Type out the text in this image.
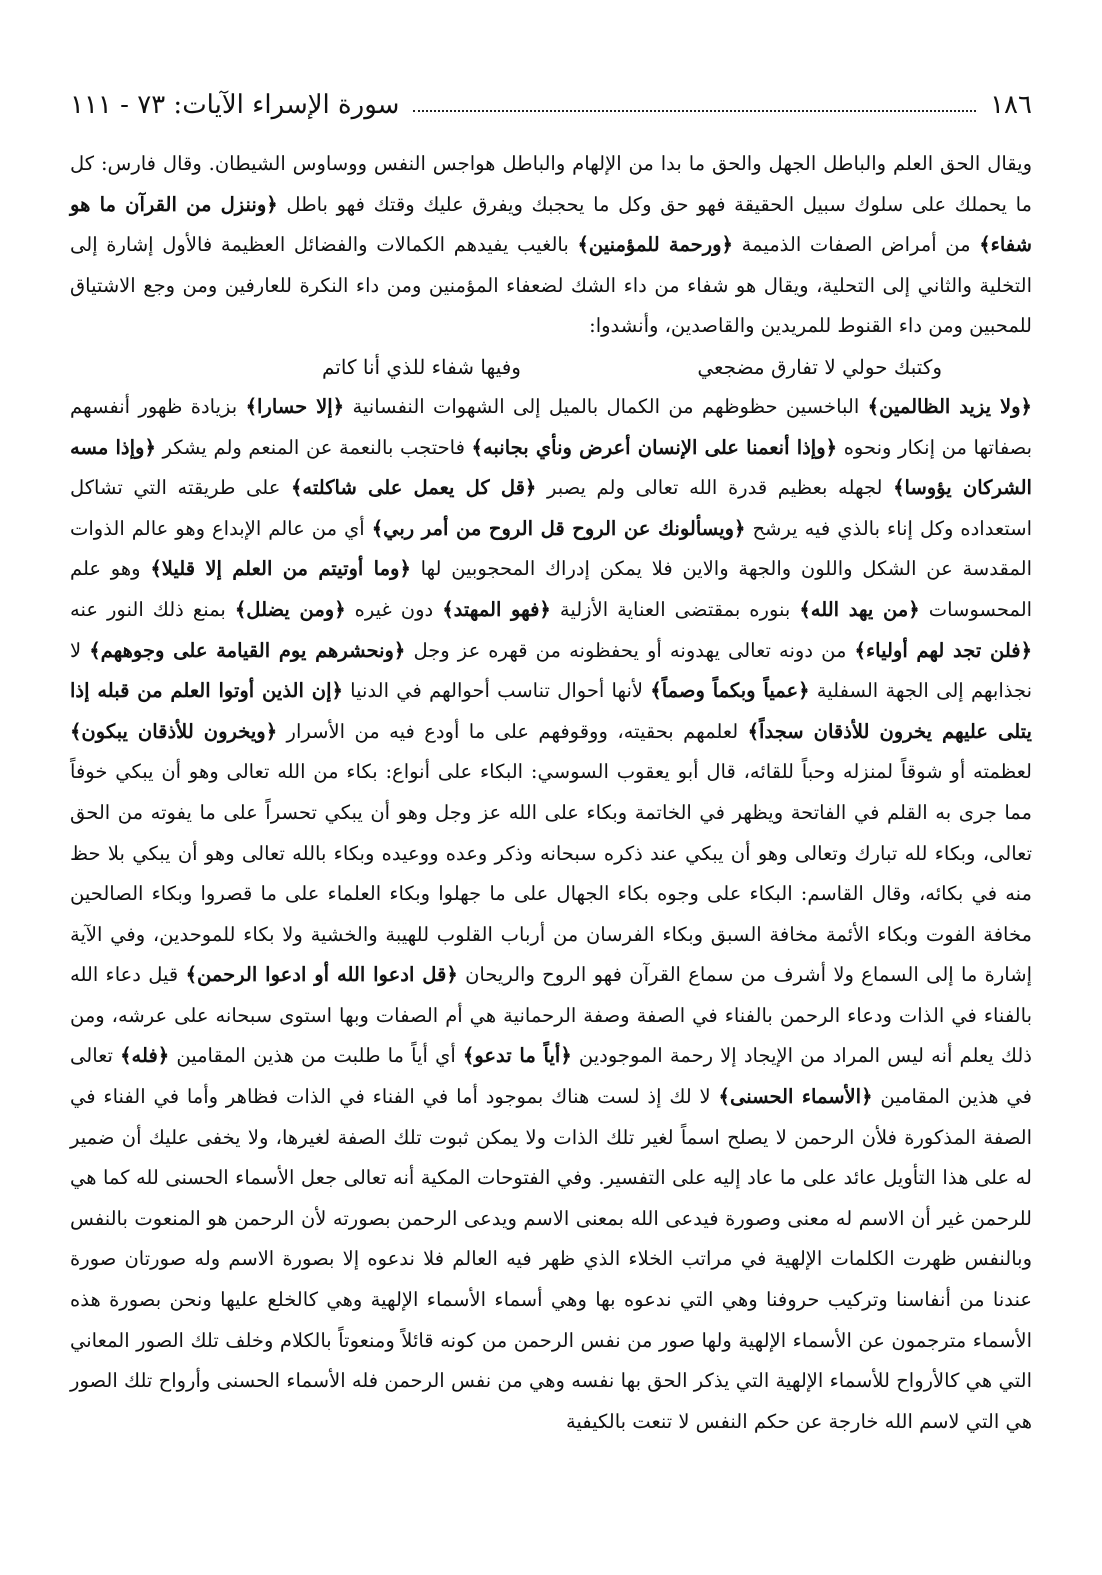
١٨٦
سورة الإسراء الآيات: ٧٣ - ١١١

ويقال الحق العلم والباطل الجهل والحق ما بدا من الإلهام والباطل هواجس النفس ووساوس الشيطان. وقال فارس: كل ما يحملك على سلوك سبيل الحقيقة فهو حق وكل ما يحجبك ويفرق عليك وقتك فهو باطل ﴿وننزل من القرآن ما هو شفاء﴾ من أمراض الصفات الذميمة ﴿ورحمة للمؤمنين﴾ بالغيب يفيدهم الكمالات والفضائل العظيمة فالأول إشارة إلى التخلية والثاني إلى التحلية، ويقال هو شفاء من داء الشك لضعفاء المؤمنين ومن داء النكرة للعارفين ومن وجع الاشتياق للمحبين ومن داء القنوط للمريدين والقاصدين، وأنشدوا:

وكتبك حولي لا تفارق مضجعي
وفيها شفاء للذي أنا كاتم

﴿ولا يزيد الظالمين﴾ الباخسين حظوظهم من الكمال بالميل إلى الشهوات النفسانية ﴿إلا حسارا﴾ بزيادة ظهور أنفسهم بصفاتها من إنكار ونحوه ﴿وإذا أنعمنا على الإنسان أعرض ونأي بجانبه﴾ فاحتجب بالنعمة عن المنعم ولم يشكر ﴿وإذا مسه الشركان يؤوسا﴾ لجهله بعظيم قدرة الله تعالى ولم يصبر ﴿قل كل يعمل على شاكلته﴾ على طريقته التي تشاكل استعداده وكل إناء بالذي فيه يرشح ﴿ويسألونك عن الروح قل الروح من أمر ربي﴾ أي من عالم الإبداع وهو عالم الذوات المقدسة عن الشكل واللون والجهة والاين فلا يمكن إدراك المحجوبين لها ﴿وما أوتيتم من العلم إلا قليلا﴾ وهو علم المحسوسات ﴿من يهد الله﴾ بنوره بمقتضى العناية الأزلية ﴿فهو المهتد﴾ دون غيره ﴿ومن يضلل﴾ بمنع ذلك النور عنه ﴿فلن تجد لهم أولياء﴾ من دونه تعالى يهدونه أو يحفظونه من قهره عز وجل ﴿ونحشرهم يوم القيامة على وجوههم﴾ لا نجذابهم إلى الجهة السفلية ﴿عمياً وبكماً وصماً﴾ لأنها أحوال تناسب أحوالهم في الدنيا ﴿إن الذين أوتوا العلم من قبله إذا يتلى عليهم يخرون للأذقان سجداً﴾ لعلمهم بحقيته، ووقوفهم على ما أودع فيه من الأسرار ﴿ويخرون للأذقان يبكون﴾ لعظمته أو شوقاً لمنزله وحباً للقائه، قال أبو يعقوب السوسي: البكاء على أنواع: بكاء من الله تعالى وهو أن يبكي خوفاً مما جرى به القلم في الفاتحة ويظهر في الخاتمة وبكاء على الله عز وجل وهو أن يبكي تحسراً على ما يفوته من الحق تعالى، وبكاء لله تبارك وتعالى وهو أن يبكي عند ذكره سبحانه وذكر وعده ووعيده وبكاء بالله تعالى وهو أن يبكي بلا حظ منه في بكائه، وقال القاسم: البكاء على وجوه بكاء الجهال على ما جهلوا وبكاء العلماء على ما قصروا وبكاء الصالحين مخافة الفوت وبكاء الأئمة مخافة السبق وبكاء الفرسان من أرباب القلوب للهيبة والخشية ولا بكاء للموحدين، وفي الآية إشارة ما إلى السماع ولا أشرف من سماع القرآن فهو الروح والريحان ﴿قل ادعوا الله أو ادعوا الرحمن﴾ قيل دعاء الله بالفناء في الذات ودعاء الرحمن بالفناء في الصفة وصفة الرحمانية هي أم الصفات وبها استوى سبحانه على عرشه، ومن ذلك يعلم أنه ليس المراد من الإيجاد إلا رحمة الموجودين ﴿أياً ما تدعو﴾ أي أياً ما طلبت من هذين المقامين ﴿فله﴾ تعالى في هذين المقامين ﴿الأسماء الحسنى﴾ لا لك إذ لست هناك بموجود أما في الفناء في الذات فظاهر وأما في الفناء في الصفة المذكورة فلأن الرحمن لا يصلح اسماً لغير تلك الذات ولا يمكن ثبوت تلك الصفة لغيرها، ولا يخفى عليك أن ضمير له على هذا التأويل عائد على ما عاد إليه على التفسير. وفي الفتوحات المكية أنه تعالى جعل الأسماء الحسنى لله كما هي للرحمن غير أن الاسم له معنى وصورة فيدعى الله بمعنى الاسم ويدعى الرحمن بصورته لأن الرحمن هو المنعوت بالنفس وبالنفس ظهرت الكلمات الإلهية في مراتب الخلاء الذي ظهر فيه العالم فلا ندعوه إلا بصورة الاسم وله صورتان صورة عندنا من أنفاسنا وتركيب حروفنا وهي التي ندعوه بها وهي أسماء الأسماء الإلهية وهي كالخلع عليها ونحن بصورة هذه الأسماء مترجمون عن الأسماء الإلهية ولها صور من نفس الرحمن من كونه قائلاً ومنعوتاً بالكلام وخلف تلك الصور المعاني التي هي كالأرواح للأسماء الإلهية التي يذكر الحق بها نفسه وهي من نفس الرحمن فله الأسماء الحسنى وأرواح تلك الصور هي التي لاسم الله خارجة عن حكم النفس لا تنعت بالكيفية
